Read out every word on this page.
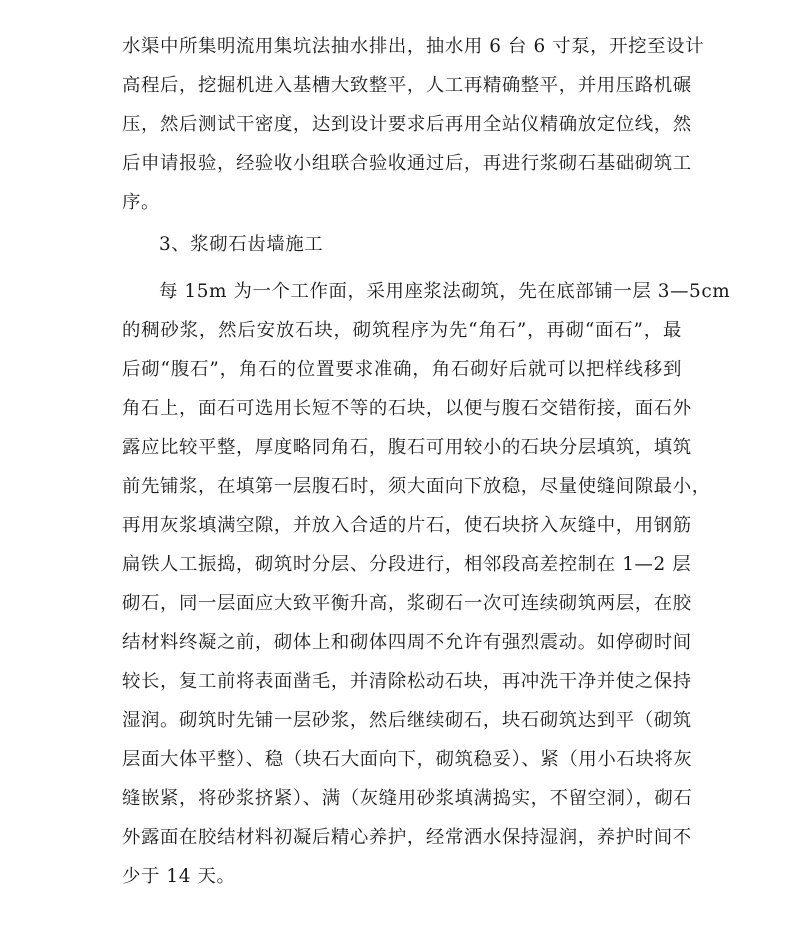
水渠中所集明流用集坑法抽水排出，抽水用 6 台 6 寸泵，开挖至设计
高程后，挖掘机进入基槽大致整平，人工再精确整平，并用压路机碾
压，然后测试干密度，达到设计要求后再用全站仪精确放定位线，然
后申请报验，经验收小组联合验收通过后，再进行浆砌石基础砌筑工
序。
3、浆砌石齿墙施工
每 15m 为一个工作面，采用座浆法砌筑，先在底部铺一层 3—5cm
的稠砂浆，然后安放石块，砌筑程序为先“角石”，再砌“面石”，最
后砌“腹石”，角石的位置要求准确，角石砌好后就可以把样线移到
角石上，面石可选用长短不等的石块，以便与腹石交错衔接，面石外
露应比较平整，厚度略同角石，腹石可用较小的石块分层填筑，填筑
前先铺浆，在填第一层腹石时，须大面向下放稳，尽量使缝间隙最小，
再用灰浆填满空隙，并放入合适的片石，使石块挤入灰缝中，用钢筋
扁铁人工振捣，砌筑时分层、分段进行，相邻段高差控制在 1—2 层
砌石，同一层面应大致平衡升高，浆砌石一次可连续砌筑两层，在胶
结材料终凝之前，砌体上和砌体四周不允许有强烈震动。如停砌时间
较长，复工前将表面凿毛，并清除松动石块，再冲洗干净并使之保持
湿润。砌筑时先铺一层砂浆，然后继续砌石，块石砌筑达到平（砌筑
层面大体平整）、稳（块石大面向下，砌筑稳妥）、紧（用小石块将灰
缝嵌紧，将砂浆挤紧）、满（灰缝用砂浆填满捣实，不留空洞），砌石
外露面在胶结材料初凝后精心养护，经常洒水保持湿润，养护时间不
少于 14 天。
